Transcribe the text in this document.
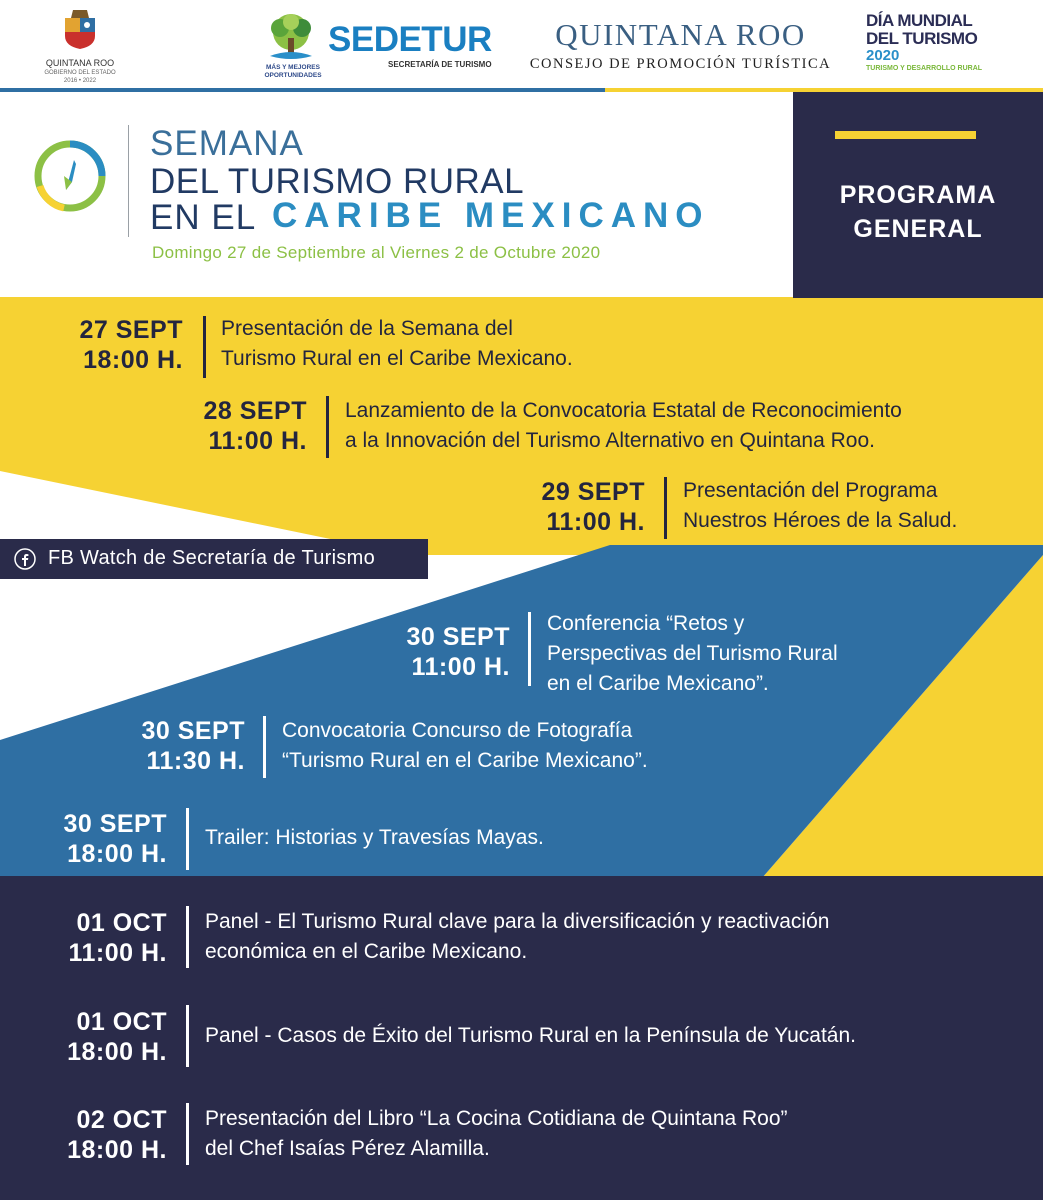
QUINTANA ROO
GOBIERNO DEL ESTADO
2016 • 2022
MÁS Y MEJORES
OPORTUNIDADES
SEDETUR
SECRETARÍA DE TURISMO
QUINTANA ROO
CONSEJO DE PROMOCIÓN TURÍSTICA
DÍA MUNDIAL
DEL TURISMO
2020
TURISMO Y DESARROLLO RURAL
SEMANA
DEL TURISMO RURAL
EN EL CARIBE MEXICANO
Domingo 27 de Septiembre al Viernes 2 de Octubre 2020
PROGRAMA
GENERAL
27 SEPT
18:00 H.
Presentación de la Semana del
Turismo Rural en el Caribe Mexicano.
28 SEPT
11:00 H.
Lanzamiento de la Convocatoria Estatal de Reconocimiento
a la Innovación del Turismo Alternativo en Quintana Roo.
29 SEPT
11:00 H.
Presentación del Programa
Nuestros Héroes de la Salud.
FB Watch de Secretaría de Turismo
30 SEPT
11:00 H.
Conferencia “Retos y
Perspectivas del Turismo Rural
en el Caribe Mexicano”.
30 SEPT
11:30 H.
Convocatoria Concurso de Fotografía
“Turismo Rural en el Caribe Mexicano”.
30 SEPT
18:00 H.
Trailer: Historias y Travesías Mayas.
01 OCT
11:00 H.
Panel - El Turismo Rural clave para la diversificación y reactivación
económica en el Caribe Mexicano.
01 OCT
18:00 H.
Panel - Casos de Éxito del Turismo Rural en la Península de Yucatán.
02 OCT
18:00 H.
Presentación del Libro “La Cocina Cotidiana de Quintana Roo”
del Chef Isaías Pérez Alamilla.
